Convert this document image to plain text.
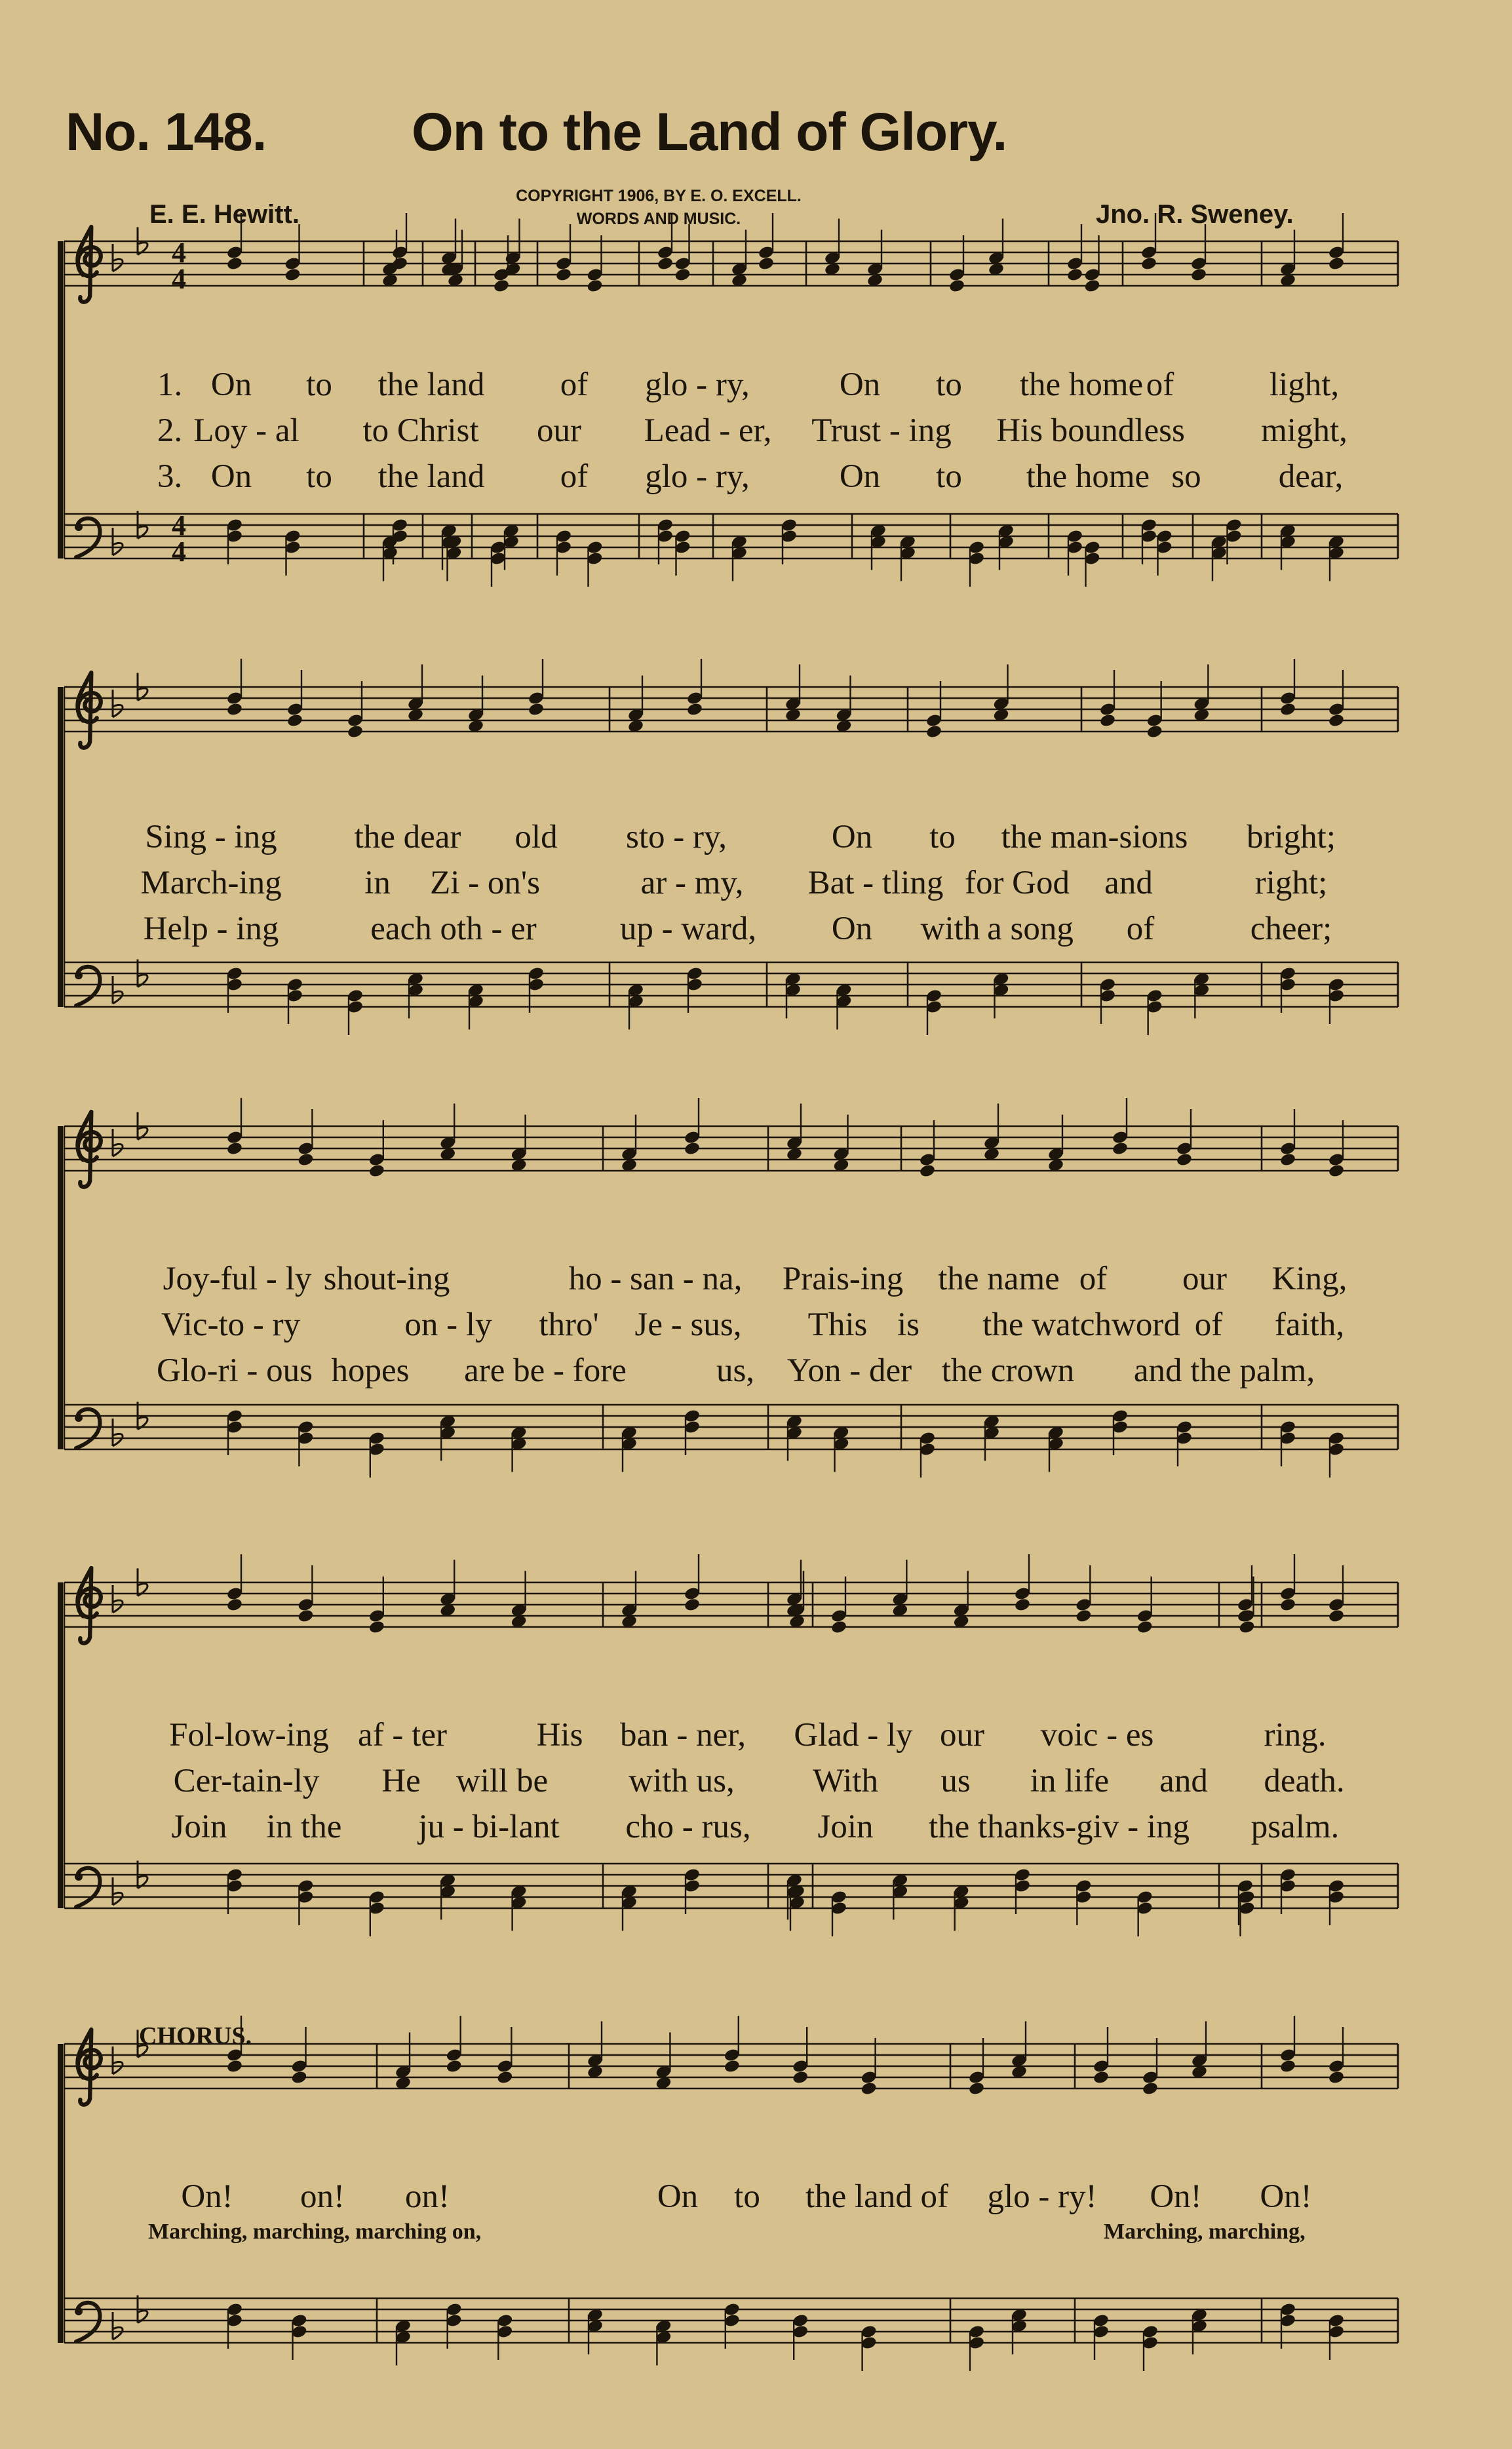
No. 148.	On to the Land of Glory.
E. E. Hewitt.
COPYRIGHT 1906, BY E. O. EXCELL.
WORDS AND MUSIC.	Jno. R. Sweney.
4
4
4
4
1.
2.
3.
On to the land of glo - ry,	On to the home of	light,
Loy - al to Christ our Lead - er, Trust - ing His boundless might,
On to the land of glo - ry,	On to the home so dear,
Sing - ing the dear old sto - ry,	On to the man-sions bright;
March-ing in Zi - on's	ar - my, Bat - tling for God and	right;
Help - ing	each oth - er up - ward, On with a song of	cheer;
Joy-ful - ly shout-ing	ho - san - na, Prais-ing the name of our King,
Vic-to - ry	on - ly thro' Je - sus, This is the watchword of faith,
Glo-ri - ous hopes are be - fore	us, Yon - der the crown and the palm,
Fol-low-ing af - ter	His ban - ner, Glad - ly our voic - es	ring.
Cer-tain-ly He will be with us, With us in life and death.
Join in the ju - bi-lant cho - rus, Join the thanks-giv - ing psalm.
CHORUS.
On! on! on!	On to the land of glo - ry! On! On!
Marching, marching, marching on,	Marching, marching,
